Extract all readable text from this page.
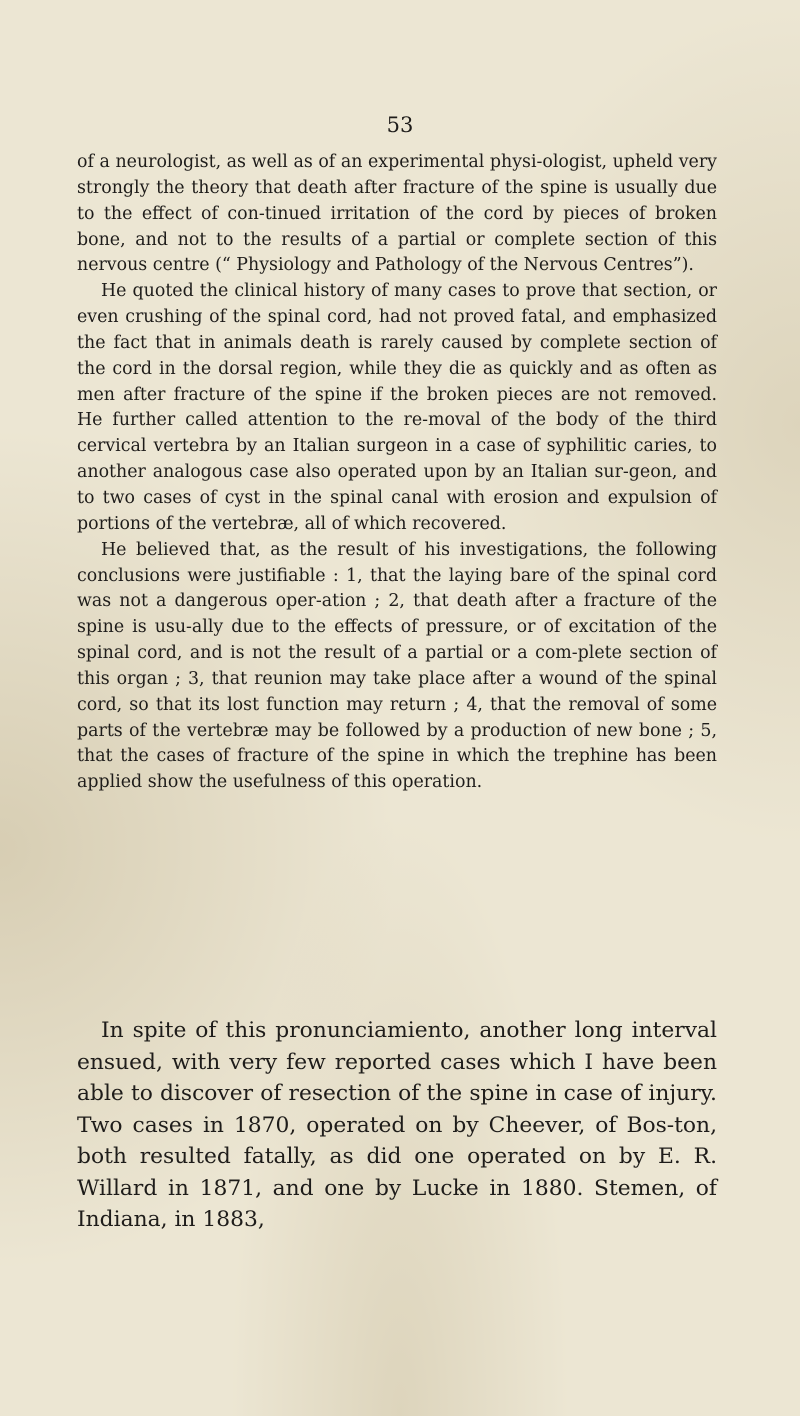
53

of a neurologist, as well as of an experimental physi-ologist, upheld very strongly the theory that death after fracture of the spine is usually due to the effect of con-tinued irritation of the cord by pieces of broken bone, and not to the results of a partial or complete section of this nervous centre (“ Physiology and Pathology of the Nervous Centres”).

He quoted the clinical history of many cases to prove that section, or even crushing of the spinal cord, had not proved fatal, and emphasized the fact that in animals death is rarely caused by complete section of the cord in the dorsal region, while they die as quickly and as often as men after fracture of the spine if the broken pieces are not removed. He further called attention to the re-moval of the body of the third cervical vertebra by an Italian surgeon in a case of syphilitic caries, to another analogous case also operated upon by an Italian sur-geon, and to two cases of cyst in the spinal canal with erosion and expulsion of portions of the vertebræ, all of which recovered.

He believed that, as the result of his investigations, the following conclusions were justifiable : 1, that the laying bare of the spinal cord was not a dangerous oper-ation ; 2, that death after a fracture of the spine is usu-ally due to the effects of pressure, or of excitation of the spinal cord, and is not the result of a partial or a com-plete section of this organ ; 3, that reunion may take place after a wound of the spinal cord, so that its lost function may return ; 4, that the removal of some parts of the vertebræ may be followed by a production of new bone ; 5, that the cases of fracture of the spine in which the trephine has been applied show the usefulness of this operation.

In spite of this pronunciamiento, another long interval ensued, with very few reported cases which I have been able to discover of resection of the spine in case of injury. Two cases in 1870, operated on by Cheever, of Bos-ton, both resulted fatally, as did one operated on by E. R. Willard in 1871, and one by Lucke in 1880. Stemen, of Indiana, in 1883,
